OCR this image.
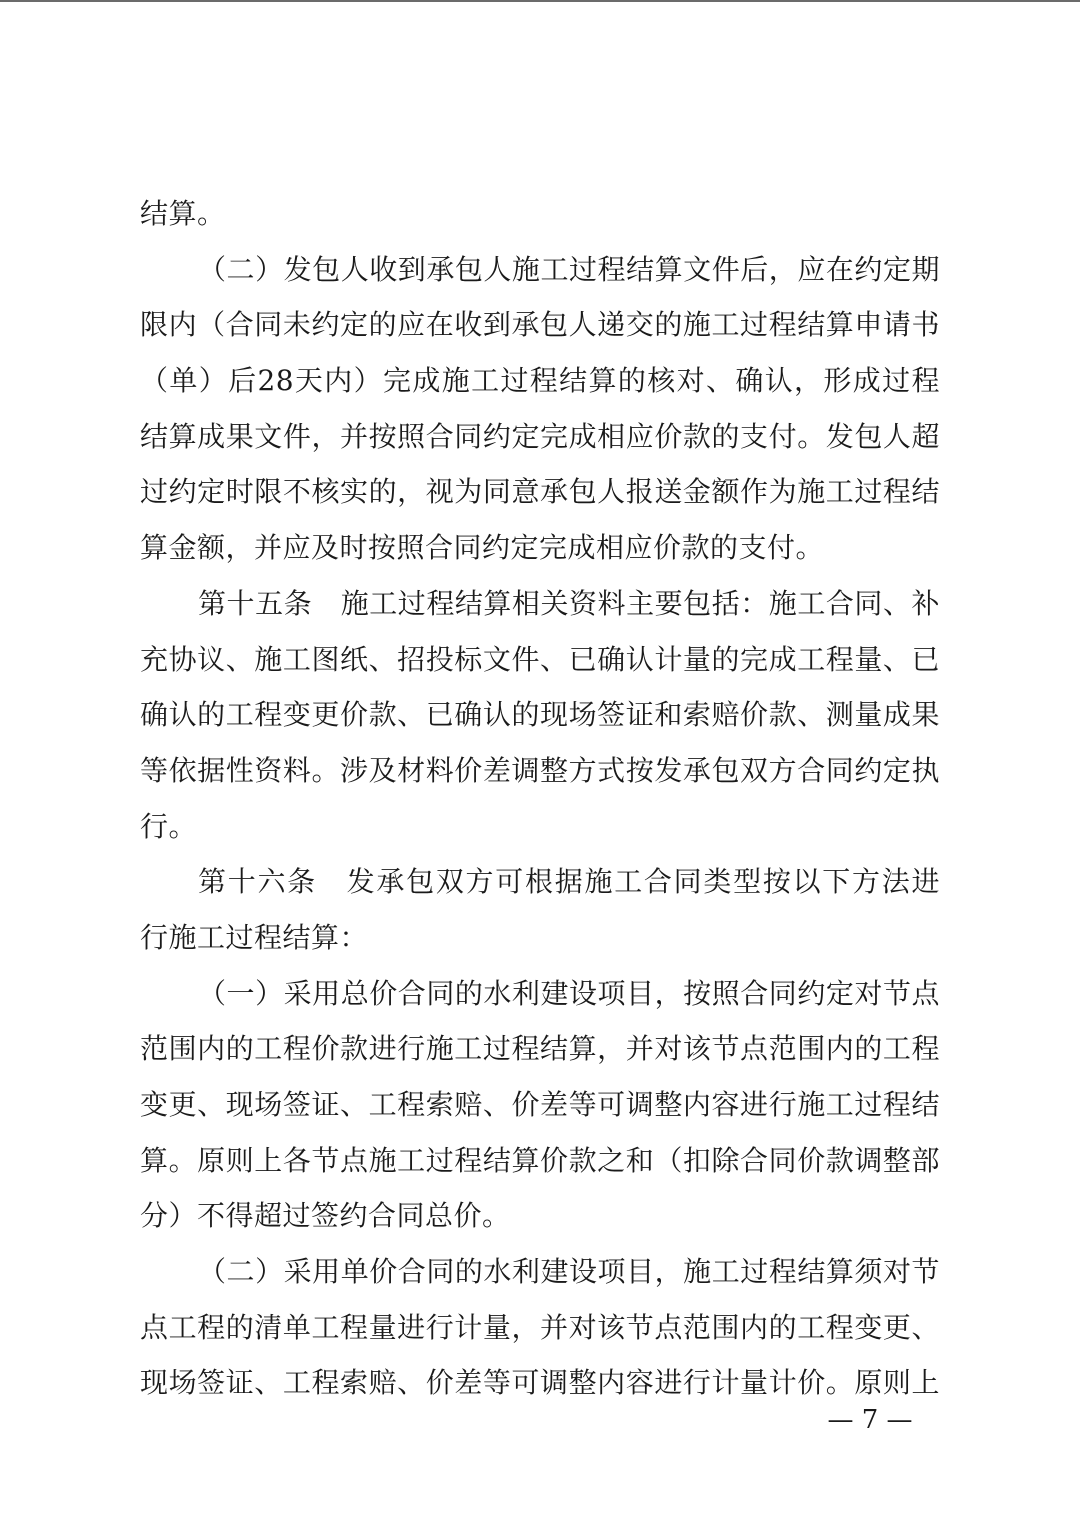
结算。
（二）发包人收到承包人施工过程结算文件后，应在约定期
限内（合同未约定的应在收到承包人递交的施工过程结算申请书
（单）后28天内）完成施工过程结算的核对、确认，形成过程
结算成果文件，并按照合同约定完成相应价款的支付。发包人超
过约定时限不核实的，视为同意承包人报送金额作为施工过程结
算金额，并应及时按照合同约定完成相应价款的支付。
第十五条　施工过程结算相关资料主要包括：施工合同、补
充协议、施工图纸、招投标文件、已确认计量的完成工程量、已
确认的工程变更价款、已确认的现场签证和索赔价款、测量成果
等依据性资料。涉及材料价差调整方式按发承包双方合同约定执
行。
第十六条　发承包双方可根据施工合同类型按以下方法进
行施工过程结算：
（一）采用总价合同的水利建设项目，按照合同约定对节点
范围内的工程价款进行施工过程结算，并对该节点范围内的工程
变更、现场签证、工程索赔、价差等可调整内容进行施工过程结
算。原则上各节点施工过程结算价款之和（扣除合同价款调整部
分）不得超过签约合同总价。
（二）采用单价合同的水利建设项目，施工过程结算须对节
点工程的清单工程量进行计量，并对该节点范围内的工程变更、
现场签证、工程索赔、价差等可调整内容进行计量计价。原则上
— 7 —
